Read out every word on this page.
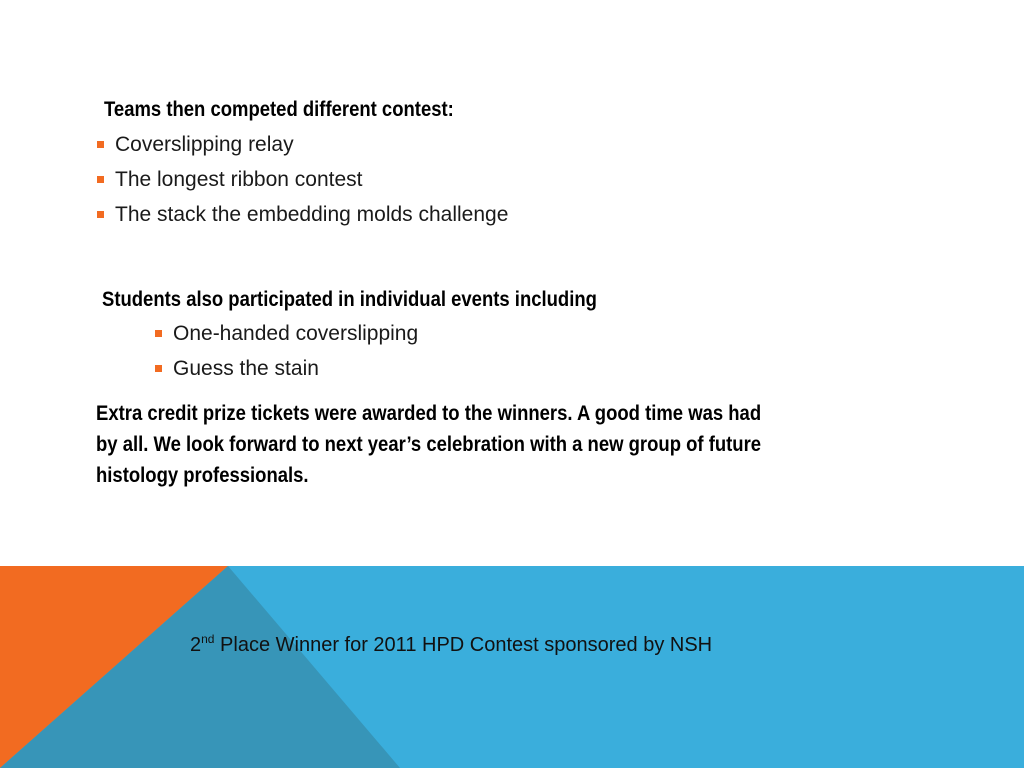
Teams then competed different contest:
Coverslipping relay
The longest ribbon contest
The stack the embedding molds challenge
Students also participated in individual events including
One-handed coverslipping
Guess the stain
Extra credit prize tickets were awarded to the winners. A good time was had
by all. We look forward to next year’s celebration with a new group of future
histology professionals.
2nd Place Winner for 2011 HPD Contest sponsored by NSH
